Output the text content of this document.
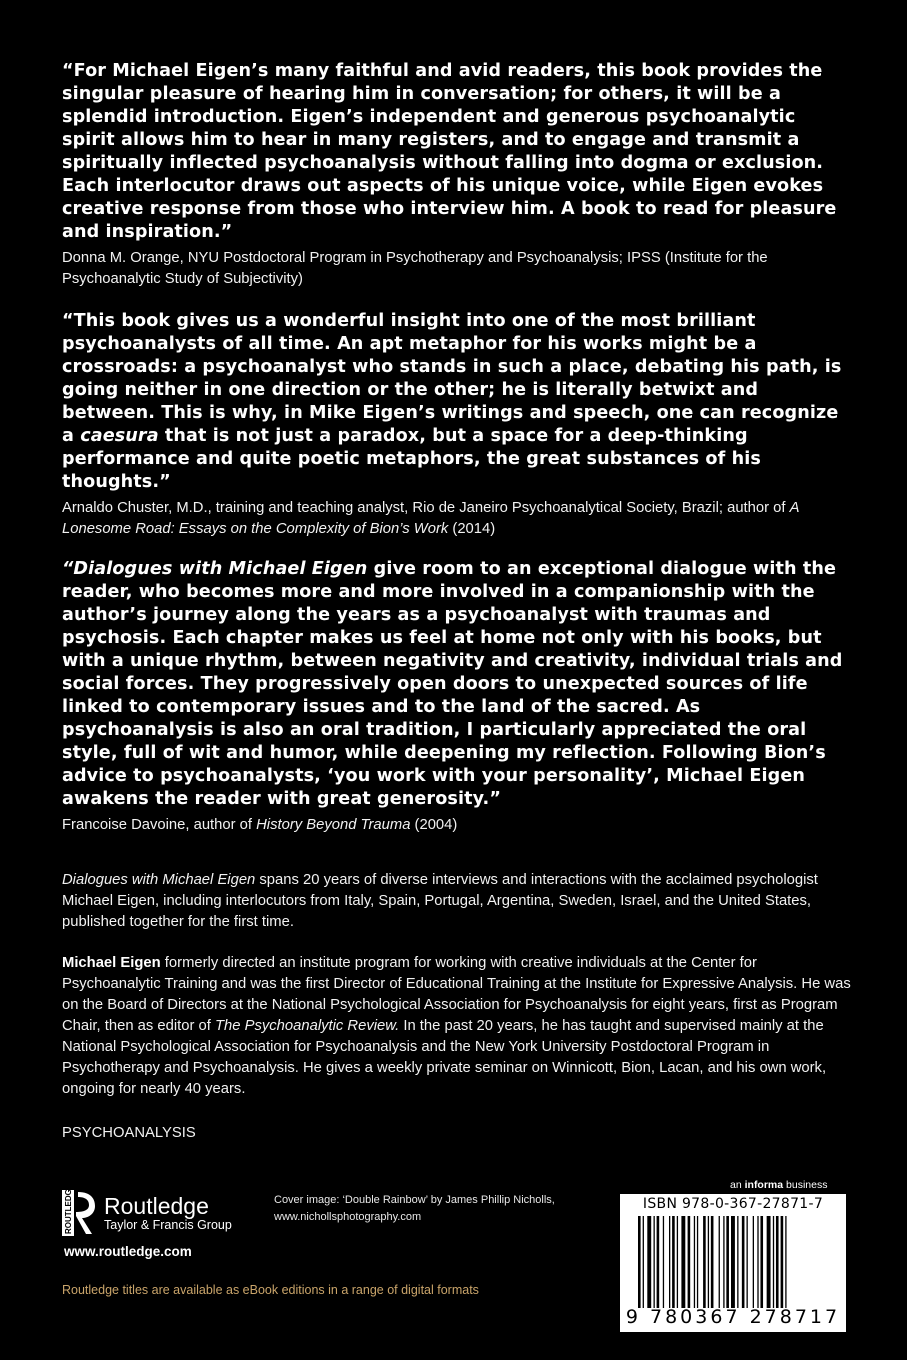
“For Michael Eigen’s many faithful and avid readers, this book provides the singular pleasure of hearing him in conversation; for others, it will be a splendid introduction. Eigen’s independent and generous psychoanalytic spirit allows him to hear in many registers, and to engage and transmit a spiritually inflected psychoanalysis without falling into dogma or exclusion. Each interlocutor draws out aspects of his unique voice, while Eigen evokes creative response from those who interview him. A book to read for pleasure and inspiration.”

Donna M. Orange, NYU Postdoctoral Program in Psychotherapy and Psychoanalysis; IPSS (Institute for the Psychoanalytic Study of Subjectivity)

“This book gives us a wonderful insight into one of the most brilliant psychoanalysts of all time. An apt metaphor for his works might be a crossroads: a psychoanalyst who stands in such a place, debating his path, is going neither in one direction or the other; he is literally betwixt and between. This is why, in Mike Eigen’s writings and speech, one can recognize a caesura that is not just a paradox, but a space for a deep-thinking performance and quite poetic metaphors, the great substances of his thoughts.”

Arnaldo Chuster, M.D., training and teaching analyst, Rio de Janeiro Psychoanalytical Society, Brazil; author of A Lonesome Road: Essays on the Complexity of Bion’s Work (2014)

“Dialogues with Michael Eigen give room to an exceptional dialogue with the reader, who becomes more and more involved in a companionship with the author’s journey along the years as a psychoanalyst with traumas and psychosis. Each chapter makes us feel at home not only with his books, but with a unique rhythm, between negativity and creativity, individual trials and social forces. They progressively open doors to unexpected sources of life linked to contemporary issues and to the land of the sacred. As psychoanalysis is also an oral tradition, I particularly appreciated the oral style, full of wit and humor, while deepening my reflection. Following Bion’s advice to psychoanalysts, ‘you work with your personality’, Michael Eigen awakens the reader with great generosity.”

Francoise Davoine, author of History Beyond Trauma (2004)

Dialogues with Michael Eigen spans 20 years of diverse interviews and interactions with the acclaimed psychologist Michael Eigen, including interlocutors from Italy, Spain, Portugal, Argentina, Sweden, Israel, and the United States, published together for the first time.

Michael Eigen formerly directed an institute program for working with creative individuals at the Center for Psychoanalytic Training and was the first Director of Educational Training at the Institute for Expressive Analysis. He was on the Board of Directors at the National Psychological Association for Psychoanalysis for eight years, first as Program Chair, then as editor of The Psychoanalytic Review. In the past 20 years, he has taught and supervised mainly at the National Psychological Association for Psychoanalysis and the New York University Postdoctoral Program in Psychotherapy and Psychoanalysis. He gives a weekly private seminar on Winnicott, Bion, Lacan, and his own work, ongoing for nearly 40 years.

PSYCHOANALYSIS
ROUTLEDGE Routledge
Taylor & Francis Group
www.routledge.com
Cover image: ‘Double Rainbow’ by James Phillip Nicholls,
www.nichollsphotography.com
Routledge titles are available as eBook editions in a range of digital formats
an informa business
ISBN 978-0-367-27871-7
9 780367 278717
